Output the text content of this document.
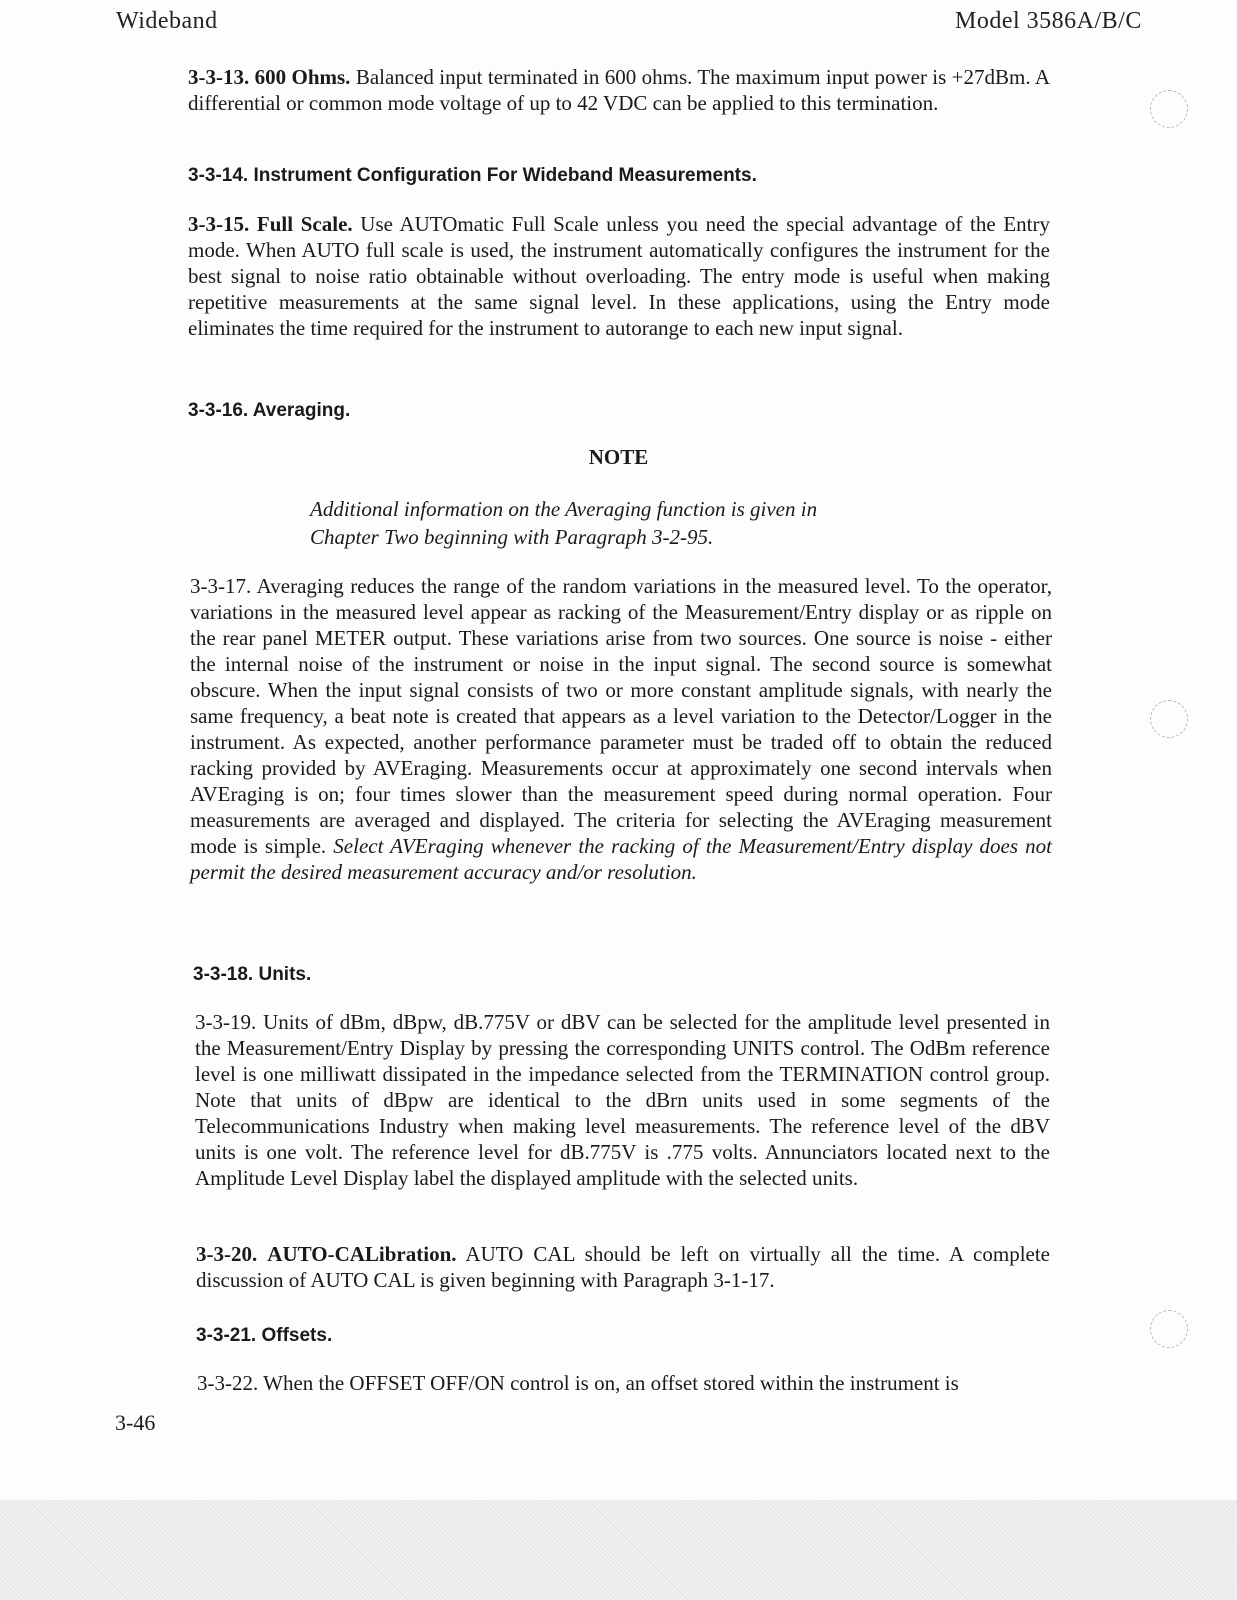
Wideband	Model 3586A/B/C
3-3-13. 600 Ohms. Balanced input terminated in 600 ohms. The maximum input power is +27dBm. A differential or common mode voltage of up to 42 VDC can be applied to this termination.
3-3-14. Instrument Configuration For Wideband Measurements.
3-3-15. Full Scale. Use AUTOmatic Full Scale unless you need the special advantage of the Entry mode. When AUTO full scale is used, the instrument automatically configures the instrument for the best signal to noise ratio obtainable without overloading. The entry mode is useful when making repetitive measurements at the same signal level. In these applications, using the Entry mode eliminates the time required for the instrument to autorange to each new input signal.
3-3-16. Averaging.
NOTE
Additional information on the Averaging function is given in
Chapter Two beginning with Paragraph 3-2-95.
3-3-17. Averaging reduces the range of the random variations in the measured level. To the operator, variations in the measured level appear as racking of the Measurement/Entry display or as ripple on the rear panel METER output. These variations arise from two sources. One source is noise - either the internal noise of the instrument or noise in the input signal. The second source is somewhat obscure. When the input signal consists of two or more constant amplitude signals, with nearly the same frequency, a beat note is created that appears as a level variation to the Detector/Logger in the instrument. As expected, another performance parameter must be traded off to obtain the reduced racking provided by AVEraging. Measurements occur at approximately one second intervals when AVEraging is on; four times slower than the measurement speed during normal operation. Four measurements are averaged and displayed. The criteria for selecting the AVEraging measurement mode is simple. Select AVEraging whenever the racking of the Measurement/Entry display does not permit the desired measurement accuracy and/or resolution.
3-3-18. Units.
3-3-19. Units of dBm, dBpw, dB.775V or dBV can be selected for the amplitude level presented in the Measurement/Entry Display by pressing the corresponding UNITS control. The OdBm reference level is one milliwatt dissipated in the impedance selected from the TERMINATION control group. Note that units of dBpw are identical to the dBrn units used in some segments of the Telecommunications Industry when making level measurements. The reference level of the dBV units is one volt. The reference level for dB.775V is .775 volts. Annunciators located next to the Amplitude Level Display label the displayed amplitude with the selected units.
3-3-20. AUTO-CALibration. AUTO CAL should be left on virtually all the time. A complete discussion of AUTO CAL is given beginning with Paragraph 3-1-17.
3-3-21. Offsets.
3-3-22. When the OFFSET OFF/ON control is on, an offset stored within the instrument is
3-46
